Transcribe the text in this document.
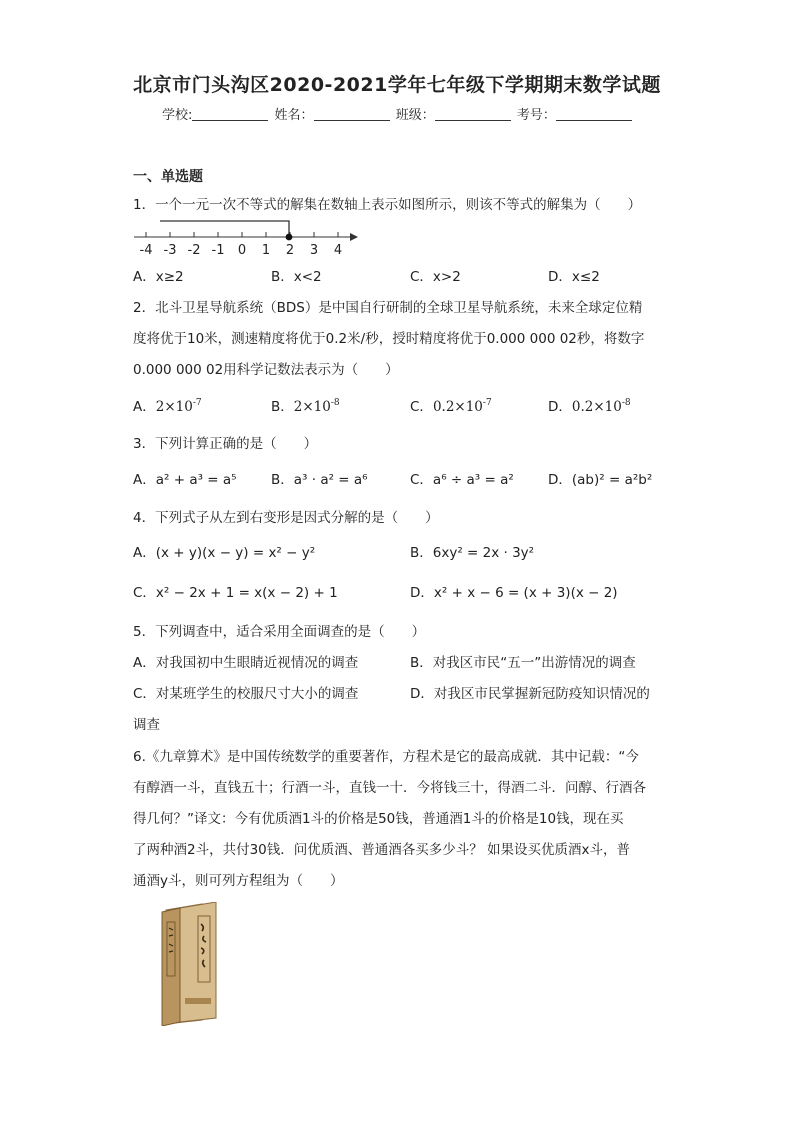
北京市门头沟区2020-2021学年七年级下学期期末数学试题
学校:	姓名：	班级：	考号：
一、单选题
1．一个一元一次不等式的解集在数轴上表示如图所示，则该不等式的解集为（　　）
-4 -3 -2 -1 0 1 2 3 4
A．x≥2	B．x<2	C．x>2	D．x≤2
2．北斗卫星导航系统（BDS）是中国自行研制的全球卫星导航系统，未来全球定位精
度将优于10米，测速精度将优于0.2米/秒，授时精度将优于0.000 000 02秒，将数字
0.000 000 02用科学记数法表示为（　　）
A．$2\times 10^{-7}$	B．$2\times 10^{-8}$	C．$0.2\times 10^{-7}$	D．$0.2\times 10^{-8}$
3．下列计算正确的是（　　）
A．a² + a³ = a⁵	B．a³ · a² = a⁶	C．a⁶ ÷ a³ = a²	D．(ab)² = a²b²
4．下列式子从左到右变形是因式分解的是（　　）
A．(x + y)(x − y) = x² − y²	B．6xy² = 2x · 3y²
C．x² − 2x + 1 = x(x − 2) + 1	D．x² + x − 6 = (x + 3)(x − 2)
5．下列调查中，适合采用全面调查的是（　　）
A．对我国初中生眼睛近视情况的调查	B．对我区市民“五一”出游情况的调查
C．对某班学生的校服尺寸大小的调查	D．对我区市民掌握新冠防疫知识情况的
调查
6.《九章算术》是中国传统数学的重要著作，方程术是它的最高成就．其中记载：“今
有醇酒一斗，直钱五十；行酒一斗，直钱一十．今将钱三十，得酒二斗．问醇、行酒各
得几何？”译文：今有优质酒1斗的价格是50钱，普通酒1斗的价格是10钱，现在买
了两种酒2斗，共付30钱．问优质酒、普通酒各买多少斗？ 如果设买优质酒x斗，普
通酒y斗，则可列方程组为（　　）
